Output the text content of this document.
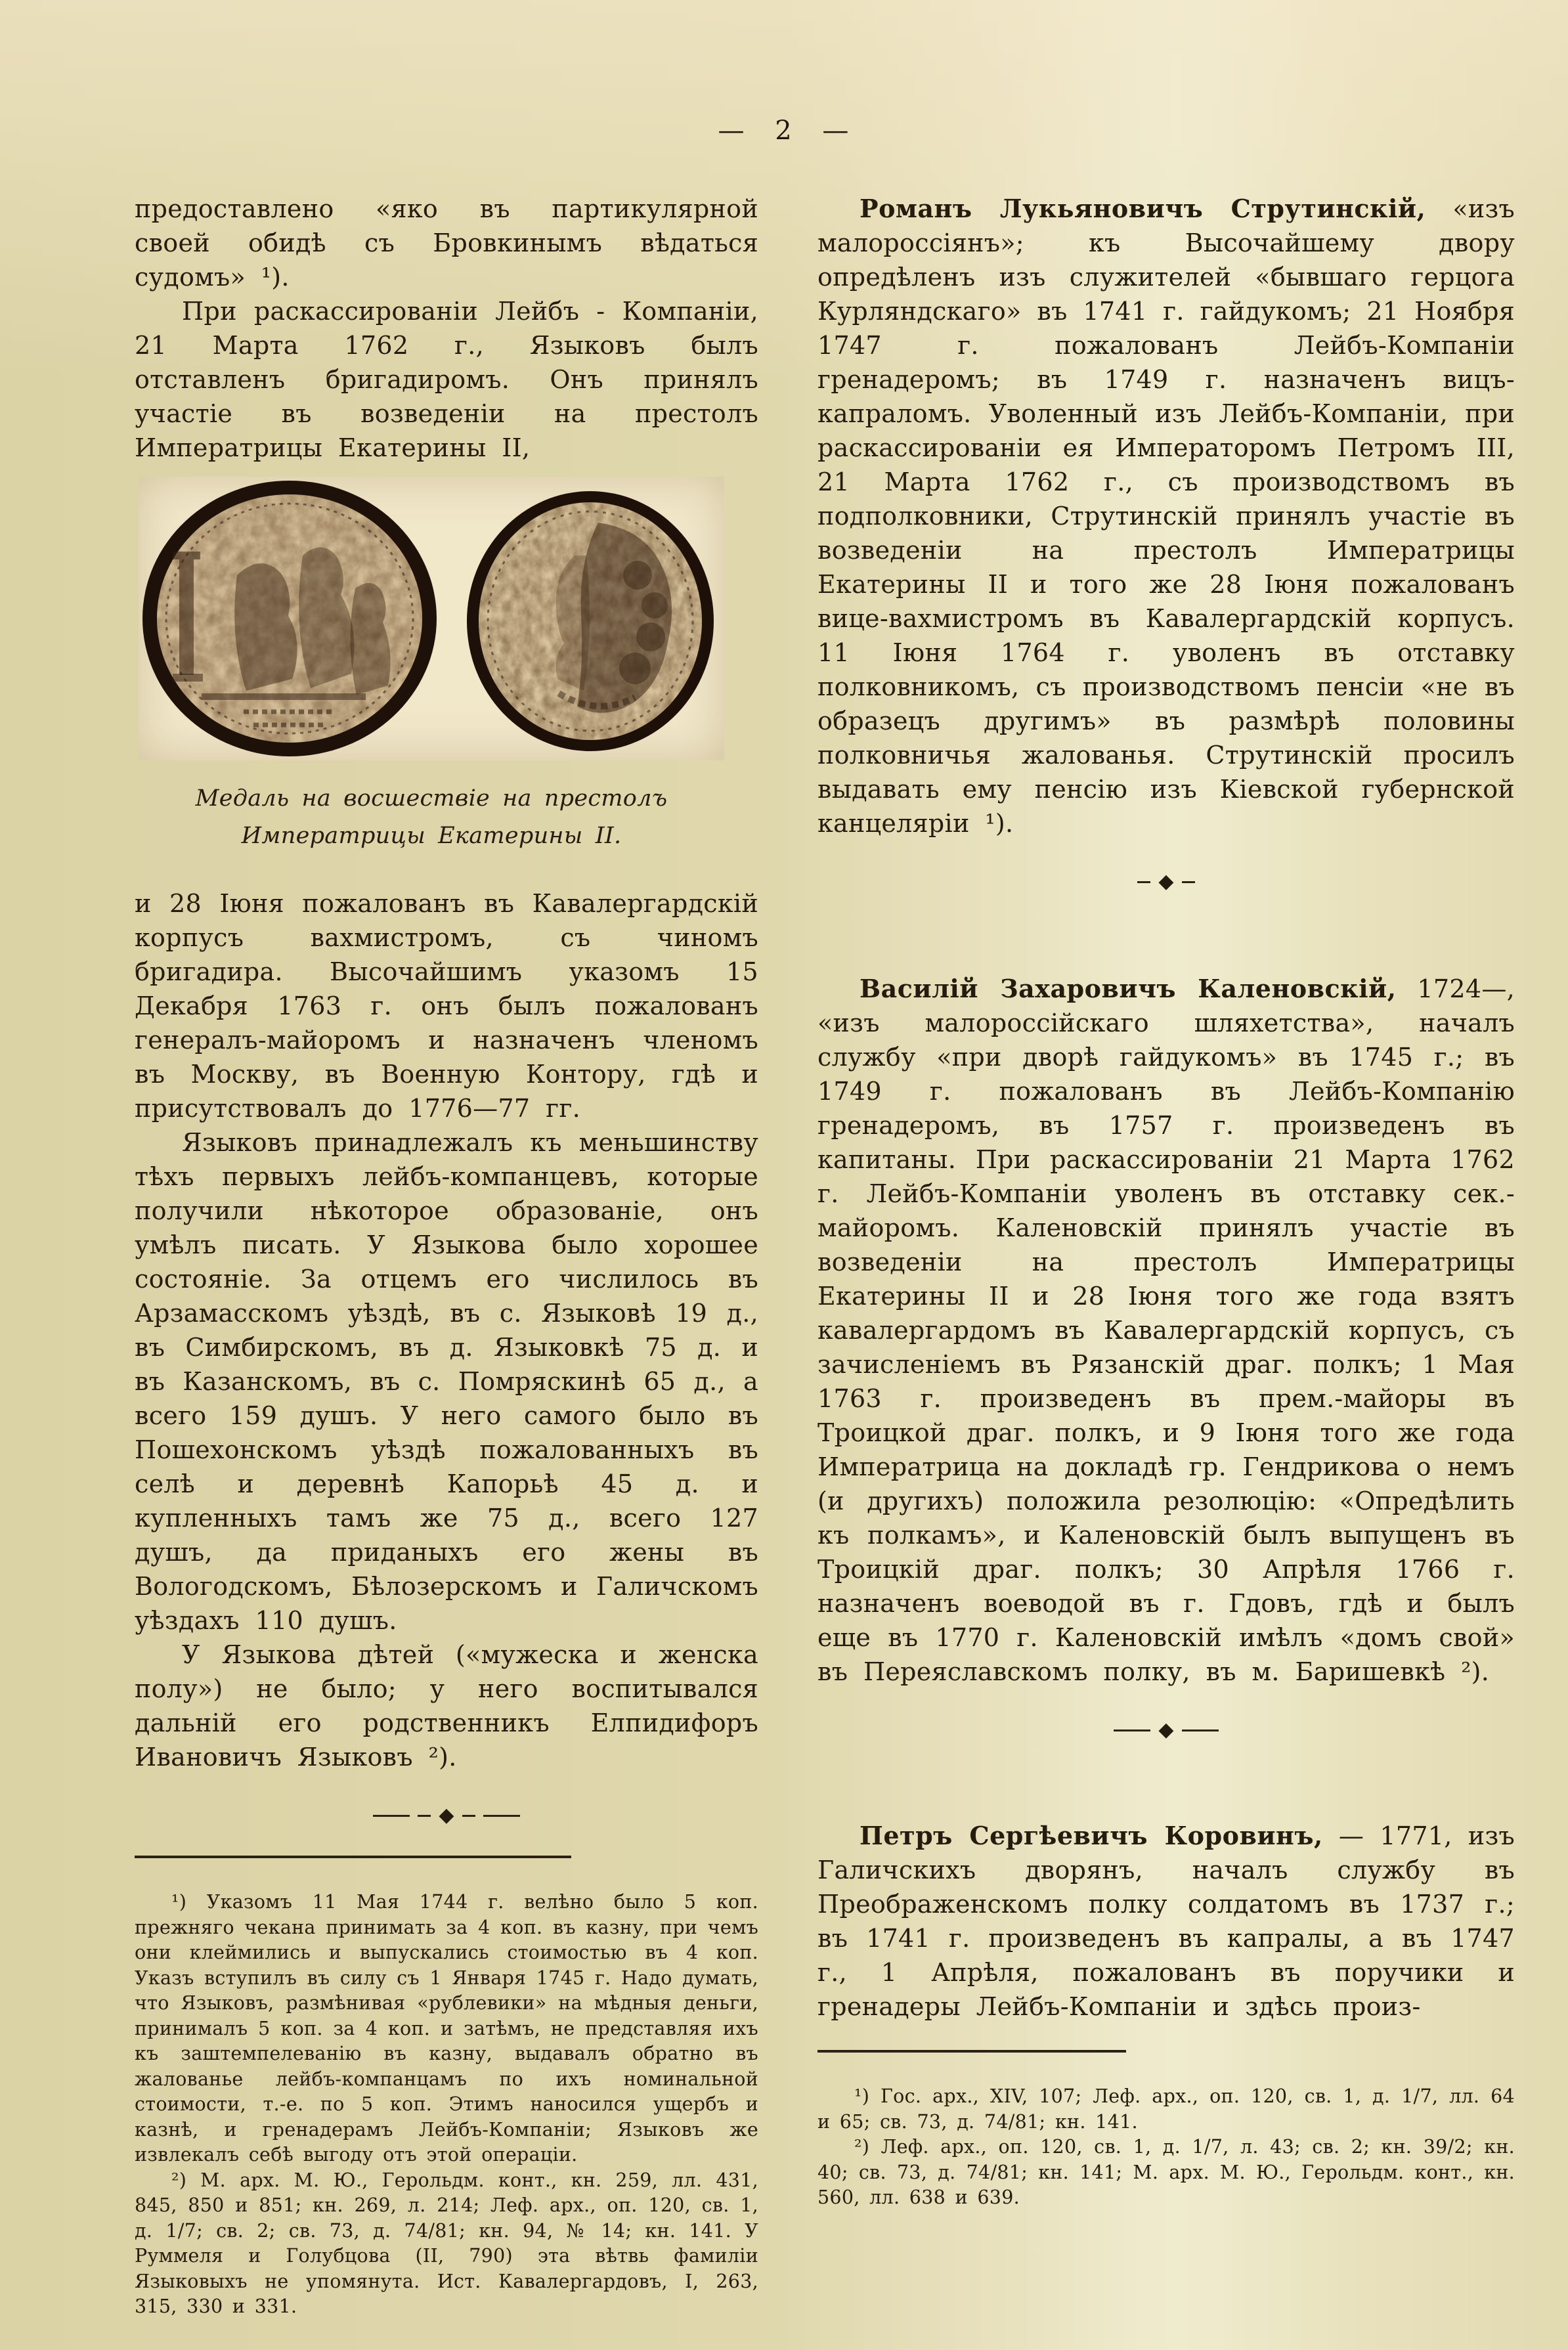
— 2 —

предоставлено «яко въ партикулярной своей обидѣ съ Бровкинымъ вѣдаться судомъ» ¹).

При раскассированіи Лейбъ - Компаніи, 21 Марта 1762 г., Языковъ былъ отставленъ бригадиромъ. Онъ принялъ участіе въ возведеніи на престолъ Императрицы Екатерины II,

Медаль на восшествіе на престолъ Императрицы Екатерины II.

и 28 Іюня пожалованъ въ Кавалергардскій корпусъ вахмистромъ, съ чиномъ бригадира. Высочайшимъ указомъ 15 Декабря 1763 г. онъ былъ пожалованъ генералъ-майоромъ и назначенъ членомъ въ Москву, въ Военную Контору, гдѣ и присутствовалъ до 1776—77 гг.

Языковъ принадлежалъ къ меньшинству тѣхъ первыхъ лейбъ-компанцевъ, которые получили нѣкоторое образованіе, онъ умѣлъ писать. У Языкова было хорошее состояніе. За отцемъ его числилось въ Арзамасскомъ уѣздѣ, въ с. Языковѣ 19 д., въ Симбирскомъ, въ д. Языковкѣ 75 д. и въ Казанскомъ, въ с. Помряскинѣ 65 д., а всего 159 душъ. У него самого было въ Пошехонскомъ уѣздѣ пожалованныхъ въ селѣ и деревнѣ Капорьѣ 45 д. и купленныхъ тамъ же 75 д., всего 127 душъ, да приданыхъ его жены въ Вологодскомъ, Бѣлозерскомъ и Галичскомъ уѣздахъ 110 душъ.

У Языкова дѣтей («мужеска и женска полу») не было; у него воспитывался дальній его родственникъ Елпидифоръ Ивановичъ Языковъ ²).

◆

¹) Указомъ 11 Мая 1744 г. велѣно было 5 коп. прежняго чекана принимать за 4 коп. въ казну, при чемъ они клеймились и выпускались стоимостью въ 4 коп. Указъ вступилъ въ силу съ 1 Января 1745 г. Надо думать, что Языковъ, размѣнивая «рублевики» на мѣдныя деньги, принималъ 5 коп. за 4 коп. и затѣмъ, не представляя ихъ къ заштемпелеванію въ казну, выдавалъ обратно въ жалованье лейбъ-компанцамъ по ихъ номинальной стоимости, т.-е. по 5 коп. Этимъ наносился ущербъ и казнѣ, и гренадерамъ Лейбъ-Компаніи; Языковъ же извлекалъ себѣ выгоду отъ этой операціи.

²) М. арх. М. Ю., Герольдм. конт., кн. 259, лл. 431, 845, 850 и 851; кн. 269, л. 214; Леф. арх., оп. 120, св. 1, д. 1/7; св. 2; св. 73, д. 74/81; кн. 94, № 14; кн. 141. У Руммеля и Голубцова (II, 790) эта вѣтвь фамиліи Языковыхъ не упомянута. Ист. Кавалергардовъ, I, 263, 315, 330 и 331.

Романъ Лукьяновичъ Струтинскій, «изъ малороссіянъ»; къ Высочайшему двору опредѣленъ изъ служителей «бывшаго герцога Курляндскаго» въ 1741 г. гайдукомъ; 21 Ноября 1747 г. пожалованъ Лейбъ-Компаніи гренадеромъ; въ 1749 г. назначенъ вицъ-капраломъ. Уволенный изъ Лейбъ-Компаніи, при раскассированіи ея Императоромъ Петромъ III, 21 Марта 1762 г., съ производствомъ въ подполковники, Струтинскій принялъ участіе въ возведеніи на престолъ Императрицы Екатерины II и того же 28 Іюня пожалованъ вице-вахмистромъ въ Кавалергардскій корпусъ. 11 Іюня 1764 г. уволенъ въ отставку полковникомъ, съ производствомъ пенсіи «не въ образецъ другимъ» въ размѣрѣ половины полковничья жалованья. Струтинскій просилъ выдавать ему пенсію изъ Кіевской губернской канцеляріи ¹).

◆

Василій Захаровичъ Каленовскій, 1724—, «изъ малороссійскаго шляхетства», началъ службу «при дворѣ гайдукомъ» въ 1745 г.; въ 1749 г. пожалованъ въ Лейбъ-Компанію гренадеромъ, въ 1757 г. произведенъ въ капитаны. При раскассированіи 21 Марта 1762 г. Лейбъ-Компаніи уволенъ въ отставку сек.-майоромъ. Каленовскій принялъ участіе въ возведеніи на престолъ Императрицы Екатерины II и 28 Іюня того же года взятъ кавалергардомъ въ Кавалергардскій корпусъ, съ зачисленіемъ въ Рязанскій драг. полкъ; 1 Мая 1763 г. произведенъ въ прем.-майоры въ Троицкой драг. полкъ, и 9 Іюня того же года Императрица на докладѣ гр. Гендрикова о немъ (и другихъ) положила резолюцію: «Опредѣлить къ полкамъ», и Каленовскій былъ выпущенъ въ Троицкій драг. полкъ; 30 Апрѣля 1766 г. назначенъ воеводой въ г. Гдовъ, гдѣ и былъ еще въ 1770 г. Каленовскій имѣлъ «домъ свой» въ Переяславскомъ полку, въ м. Баришевкѣ ²).

◆

Петръ Сергѣевичъ Коровинъ, — 1771, изъ Галичскихъ дворянъ, началъ службу въ Преображенскомъ полку солдатомъ въ 1737 г.; въ 1741 г. произведенъ въ капралы, а въ 1747 г., 1 Апрѣля, пожалованъ въ поручики и гренадеры Лейбъ-Компаніи и здѣсь произ-

¹) Гос. арх., XIV, 107; Леф. арх., оп. 120, св. 1, д. 1/7, лл. 64 и 65; св. 73, д. 74/81; кн. 141.

²) Леф. арх., оп. 120, св. 1, д. 1/7, л. 43; св. 2; кн. 39/2; кн. 40; св. 73, д. 74/81; кн. 141; М. арх. М. Ю., Герольдм. конт., кн. 560, лл. 638 и 639.
